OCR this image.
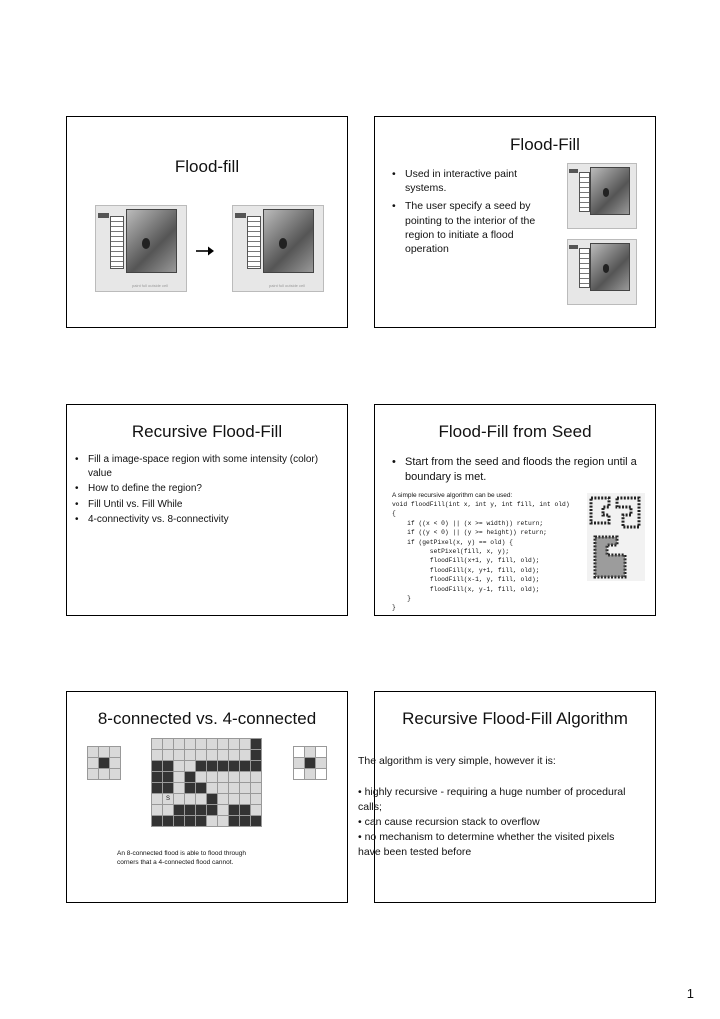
Flood-fill
paint full outside cell	paint full outside cell
Flood-Fill
• Used in interactive paint systems.
• The user specify a seed by pointing to the interior of the region to initiate a flood operation
Recursive Flood-Fill
• Fill a image-space region with some intensity (color) value
• How to define the region?
• Fill Until vs. Fill While
• 4-connectivity vs. 8-connectivity
Flood-Fill from Seed
• Start from the seed and floods the region until a boundary is met.
A simple recursive algorithm can be used:
void floodFill(int x, int y, int fill, int old)
{
if ((x < 0) || (x >= width)) return;
if ((y < 0) || (y >= height)) return;
if (getPixel(x, y) == old) {
setPixel(fill, x, y);
floodFill(x+1, y, fill, old);
floodFill(x, y+1, fill, old);
floodFill(x-1, y, fill, old);
floodFill(x, y-1, fill, old);
}
}
8-connected vs. 4-connected

	S								

An 8-connected flood is able to flood through corners that a 4-connected flood cannot.
Recursive Flood-Fill Algorithm
The algorithm is very simple, however it is:
• highly recursive - requiring a huge number of procedural calls;
• can cause recursion stack to overflow
• no mechanism to determine whether the visited pixels have been tested before
1
